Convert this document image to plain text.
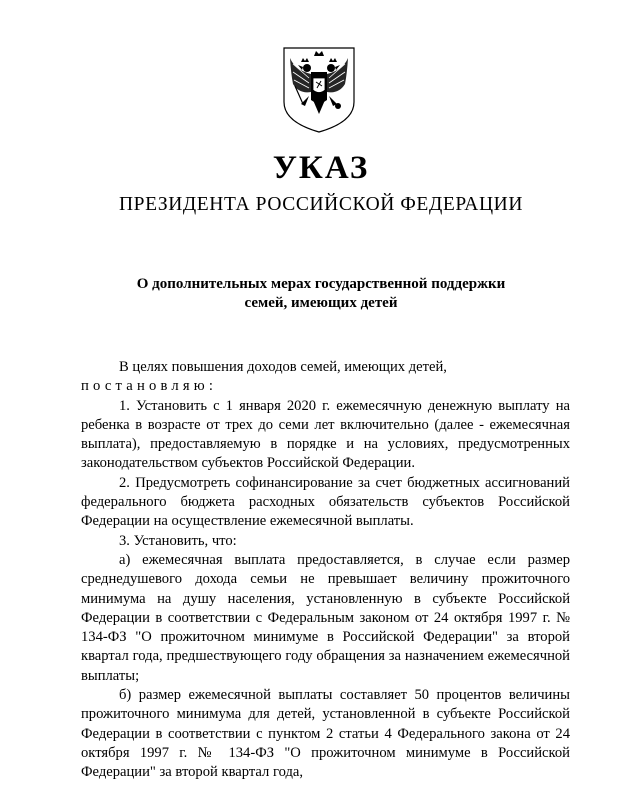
УКАЗ
ПРЕЗИДЕНТА РОССИЙСКОЙ ФЕДЕРАЦИИ
О дополнительных мерах государственной поддержки
семей, имеющих детей

В целях повышения доходов семей, имеющих детей,

постановляю:

1. Установить с 1 января 2020 г. ежемесячную денежную выплату на ребенка в возрасте от трех до семи лет включительно (далее - ежемесячная выплата), предоставляемую в порядке и на условиях, предусмотренных законодательством субъектов Российской Федерации.

2. Предусмотреть софинансирование за счет бюджетных ассигнований федерального бюджета расходных обязательств субъектов Российской Федерации на осуществление ежемесячной выплаты.

3. Установить, что:

а) ежемесячная выплата предоставляется, в случае если размер среднедушевого дохода семьи не превышает величину прожиточного минимума на душу населения, установленную в субъекте Российской Федерации в соответствии с Федеральным законом от 24 октября 1997 г. № 134-ФЗ "О прожиточном минимуме в Российской Федерации" за второй квартал года, предшествующего году обращения за назначением ежемесячной выплаты;

б) размер ежемесячной выплаты составляет 50 процентов величины прожиточного минимума для детей, установленной в субъекте Российской Федерации в соответствии с пунктом 2 статьи 4 Федерального закона от 24 октября 1997 г. № 134-ФЗ "О прожиточном минимуме в Российской Федерации" за второй квартал года,
